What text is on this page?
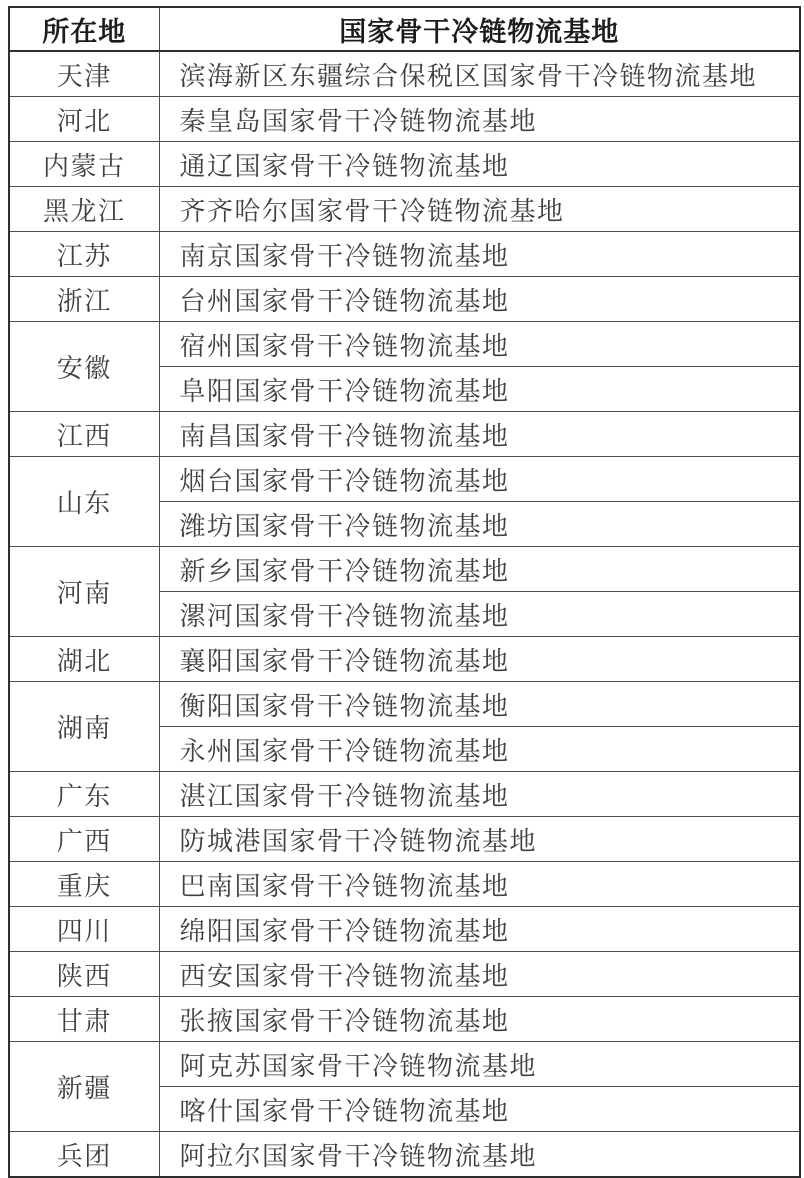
所在地	国家骨干冷链物流基地
天津	滨海新区东疆综合保税区国家骨干冷链物流基地
河北	秦皇岛国家骨干冷链物流基地
内蒙古	通辽国家骨干冷链物流基地
黑龙江	齐齐哈尔国家骨干冷链物流基地
江苏	南京国家骨干冷链物流基地
浙江	台州国家骨干冷链物流基地
安徽	宿州国家骨干冷链物流基地
	阜阳国家骨干冷链物流基地
江西	南昌国家骨干冷链物流基地
山东	烟台国家骨干冷链物流基地
	潍坊国家骨干冷链物流基地
河南	新乡国家骨干冷链物流基地
	漯河国家骨干冷链物流基地
湖北	襄阳国家骨干冷链物流基地
湖南	衡阳国家骨干冷链物流基地
	永州国家骨干冷链物流基地
广东	湛江国家骨干冷链物流基地
广西	防城港国家骨干冷链物流基地
重庆	巴南国家骨干冷链物流基地
四川	绵阳国家骨干冷链物流基地
陕西	西安国家骨干冷链物流基地
甘肃	张掖国家骨干冷链物流基地
新疆	阿克苏国家骨干冷链物流基地
	喀什国家骨干冷链物流基地
兵团	阿拉尔国家骨干冷链物流基地
